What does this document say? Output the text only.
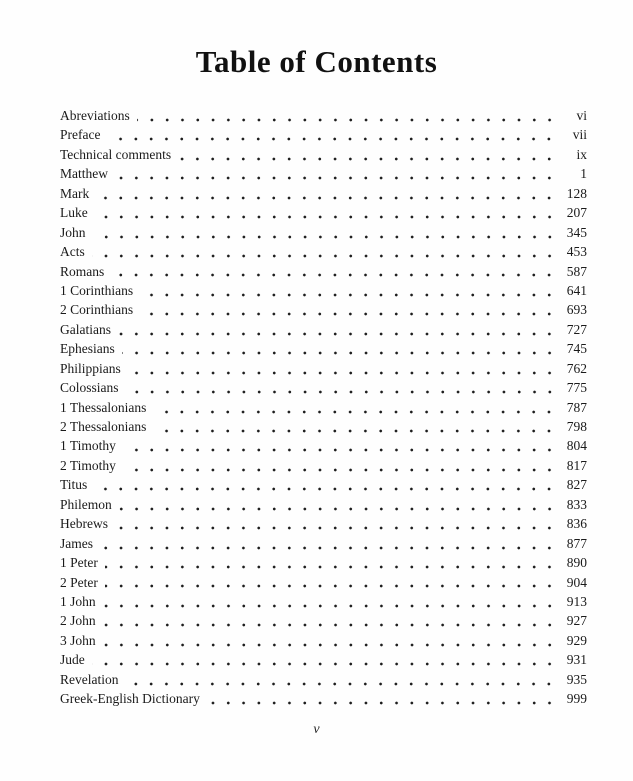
Table of Contents
Abreviations	vi
Preface	vii
Technical comments	ix
Matthew	1
Mark	128
Luke	207
John	345
Acts	453
Romans	587
1 Corinthians	641
2 Corinthians	693
Galatians	727
Ephesians	745
Philippians	762
Colossians	775
1 Thessalonians	787
2 Thessalonians	798
1 Timothy	804
2 Timothy	817
Titus	827
Philemon	833
Hebrews	836
James	877
1 Peter	890
2 Peter	904
1 John	913
2 John	927
3 John	929
Jude	931
Revelation	935
Greek-English Dictionary	999
v
